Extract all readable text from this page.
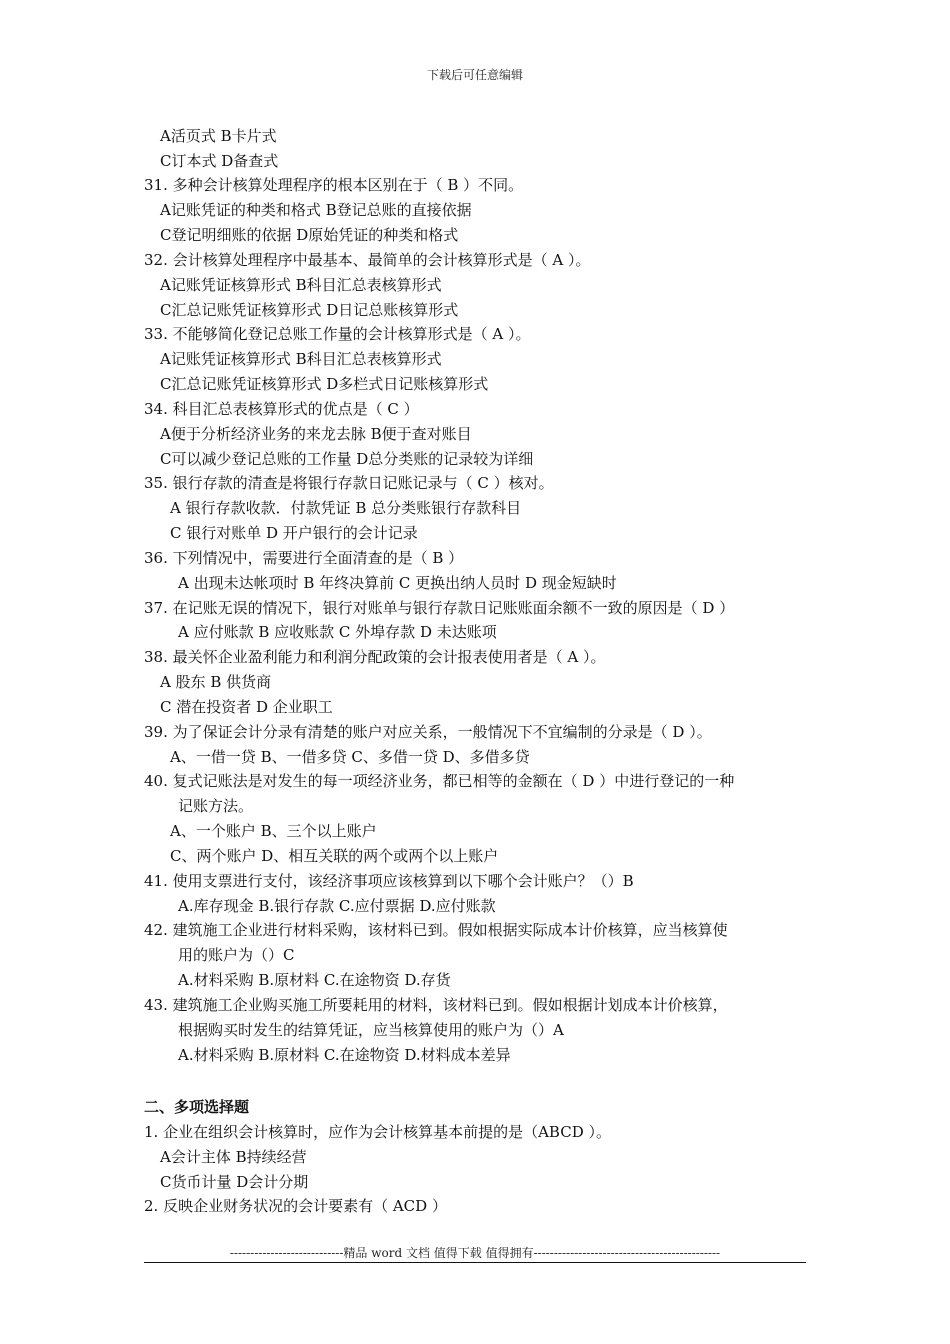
下载后可任意编辑
A活页式 B卡片式
C订本式 D备查式
31. 多种会计核算处理程序的根本区别在于（ B ）不同。
A记账凭证的种类和格式 B登记总账的直接依据
C登记明细账的依据 D原始凭证的种类和格式
32. 会计核算处理程序中最基本、最简单的会计核算形式是（ A ）。
A记账凭证核算形式 B科目汇总表核算形式
C汇总记账凭证核算形式 D日记总账核算形式
33. 不能够简化登记总账工作量的会计核算形式是（ A ）。
A记账凭证核算形式 B科目汇总表核算形式
C汇总记账凭证核算形式 D多栏式日记账核算形式
34. 科目汇总表核算形式的优点是（ C ）
A便于分析经济业务的来龙去脉 B便于查对账目
C可以减少登记总账的工作量 D总分类账的记录较为详细
35. 银行存款的清查是将银行存款日记账记录与（ C ）核对。
A 银行存款收款．付款凭证 B 总分类账银行存款科目
C 银行对账单 D 开户银行的会计记录
36. 下列情况中，需要进行全面清查的是（ B ）
A 出现未达帐项时 B 年终决算前 C 更换出纳人员时 D 现金短缺时
37. 在记账无误的情况下，银行对账单与银行存款日记账账面余额不一致的原因是（ D ）
A 应付账款 B 应收账款 C 外埠存款 D 未达账项
38. 最关怀企业盈利能力和利润分配政策的会计报表使用者是（ A ）。
A 股东 B 供货商
C 潜在投资者 D 企业职工
39. 为了保证会计分录有清楚的账户对应关系，一般情况下不宜编制的分录是（ D ）。
A、一借一贷 B、一借多贷 C、多借一贷 D、多借多贷
40. 复式记账法是对发生的每一项经济业务，都已相等的金额在（ D ）中进行登记的一种
记账方法。
A、一个账户 B、三个以上账户
C、两个账户 D、相互关联的两个或两个以上账户
41. 使用支票进行支付，该经济事项应该核算到以下哪个会计账户？（）B
A.库存现金 B.银行存款 C.应付票据 D.应付账款
42. 建筑施工企业进行材料采购，该材料已到。假如根据实际成本计价核算，应当核算使
用的账户为（）C
A.材料采购 B.原材料 C.在途物资 D.存货
43. 建筑施工企业购买施工所要耗用的材料，该材料已到。假如根据计划成本计价核算，
根据购买时发生的结算凭证，应当核算使用的账户为（）A
A.材料采购 B.原材料 C.在途物资 D.材料成本差异
二、多项选择题
1. 企业在组织会计核算时，应作为会计核算基本前提的是（ABCD ）。
A会计主体 B持续经营
C货币计量 D会计分期
2. 反映企业财务状况的会计要素有（ ACD ）
----------------------------精品 word 文档 值得下载 值得拥有----------------------------------------------
